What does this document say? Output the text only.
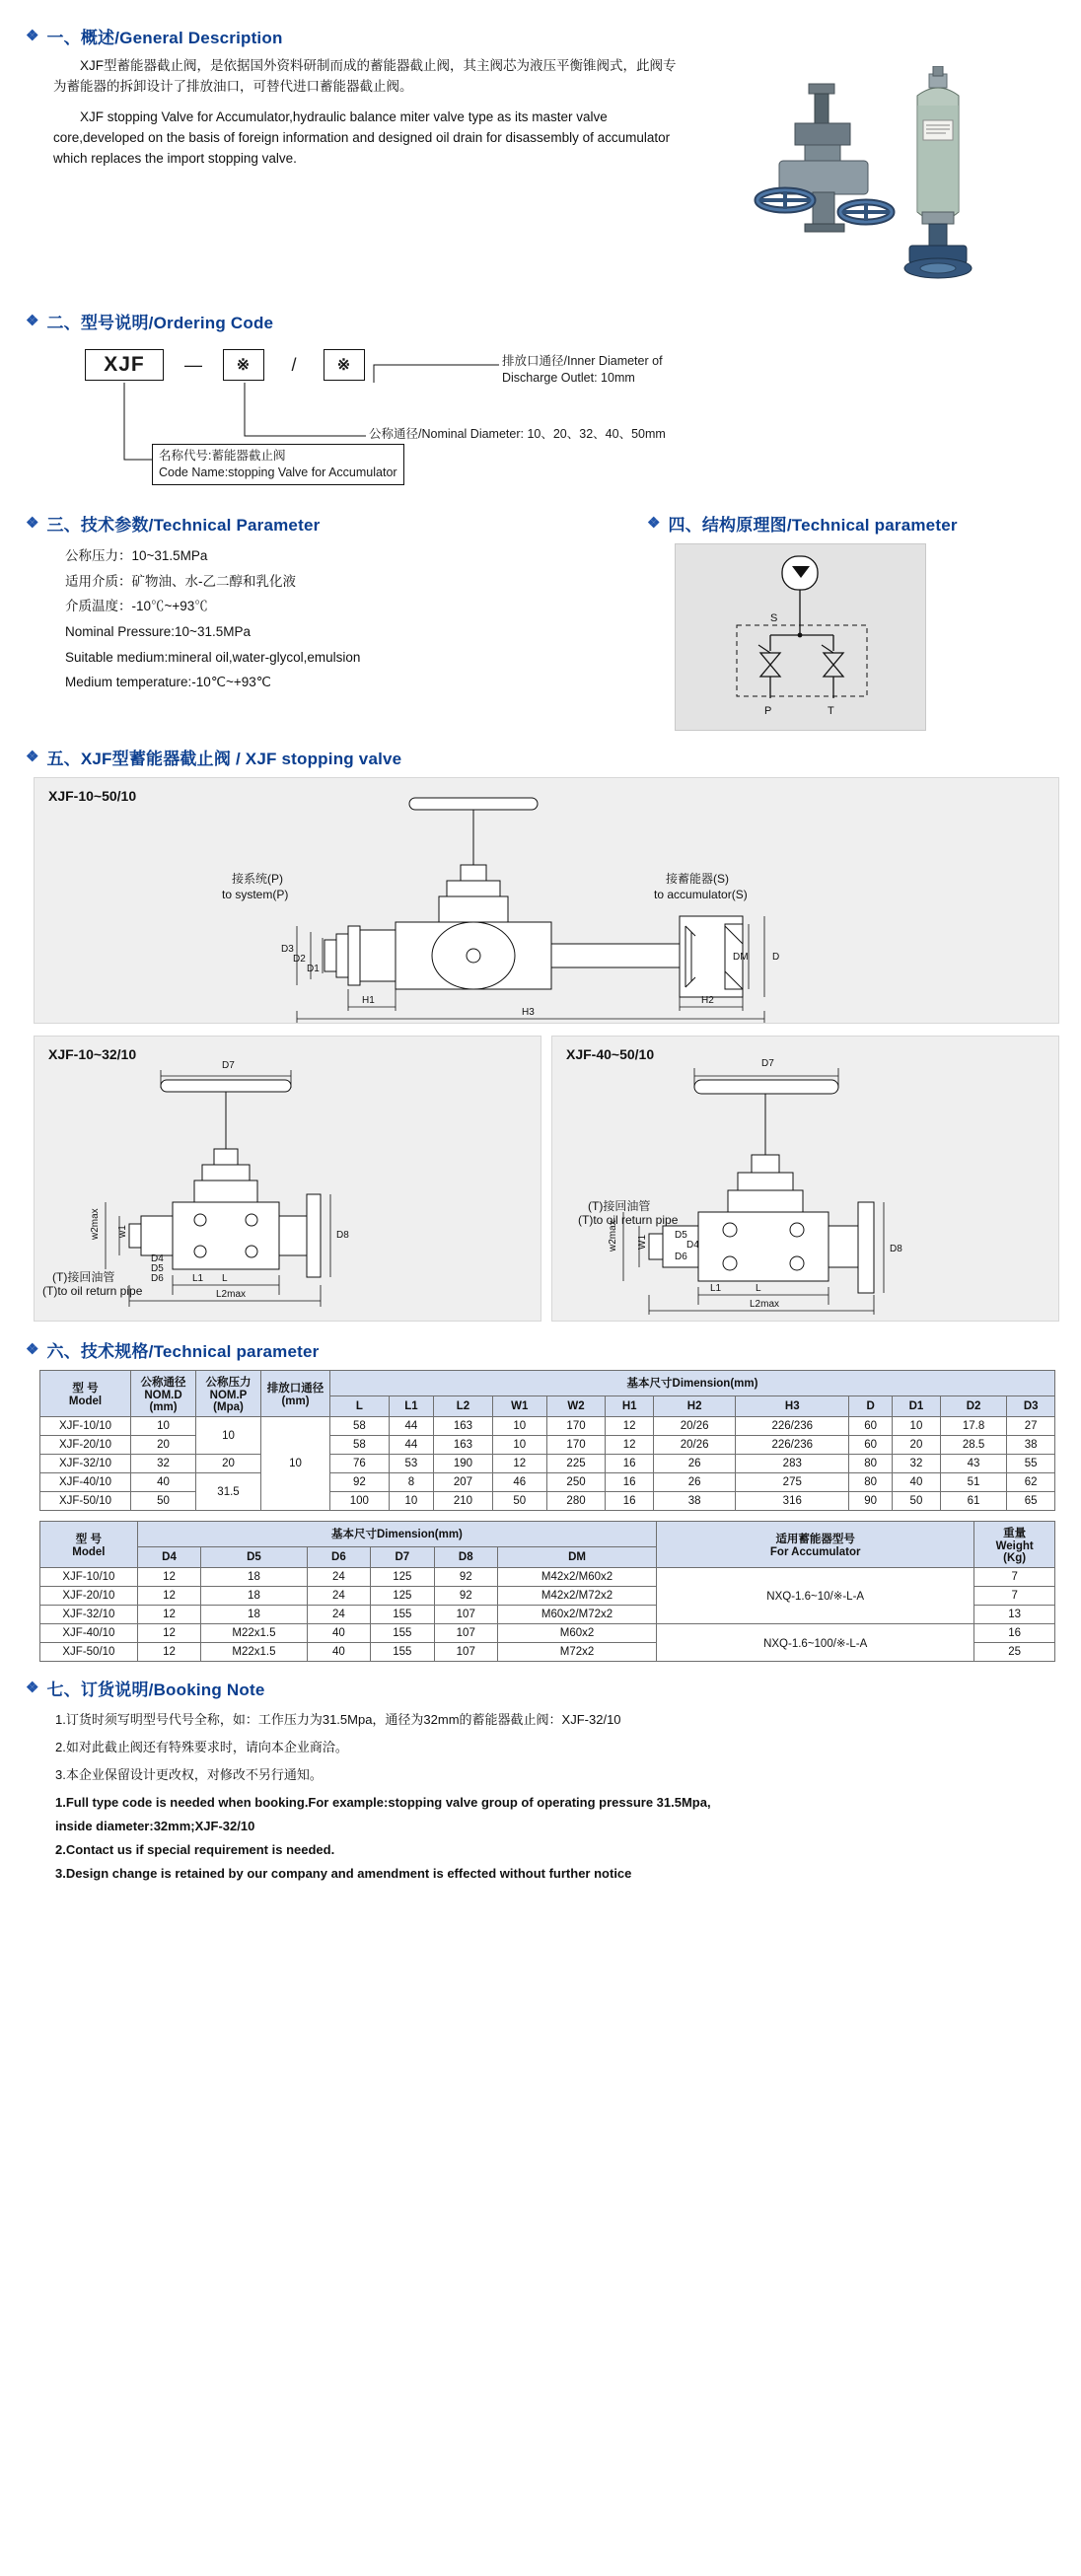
❖ 一、概述/General Description

XJF型蓄能器截止阀，是依据国外资料研制而成的蓄能器截止阀，其主阀芯为液压平衡锥阀式，此阀专为蓄能器的拆卸设计了排放油口，可替代进口蓄能器截止阀。

XJF stopping Valve for Accumulator,hydraulic balance miter valve type as its master valve core,developed on the basis of foreign information and designed oil drain for disassembly of accumulator which replaces the import stopping valve.

❖ 二、型号说明/Ordering Code
XJF	—	※	/	※	排放口通径/Inner Diameter of
Discharge Outlet: 10mm
公称通径/Nominal Diameter: 10、20、32、40、50mm
名称代号:蓄能器截止阀
Code Name:stopping Valve for Accumulator
❖ 三、技术参数/Technical Parameter
公称压力：10~31.5MPa
适用介质：矿物油、水-乙二醇和乳化液
介质温度：-10℃~+93℃
Nominal Pressure:10~31.5MPa
Suitable medium:mineral oil,water-glycol,emulsion
Medium temperature:-10℃~+93℃
❖ 四、结构原理图/Technical parameter
S
P	T
❖ 五、XJF型蓄能器截止阀 / XJF stopping valve
XJF-10~50/10
接系统(P)
to system(P)
接蓄能器(S)
to accumulator(S)
D3
D2
D1
D
DM
H1	H2
H3
XJF-10~32/10
D7
w2max w1
D4
D5
D6	L1 L
L2max
D8
(T)接回油管
(T)to oil return pipe
XJF-40~50/10
D7
w2max W1	D5
D4
D6
L1	L
L2max
D8
(T)接回油管
(T)to oil return pipe
❖ 六、技术规格/Technical parameter
型 号
Model

公称通径
NOM.D
(mm)

公称压力
NOM.P
(Mpa)

排放口通径
(mm)
	基本尺寸Dimension(mm)
				L	L1	L2	W1	W2	H1	H2	H3	D	D1	D2	D3
XJF-10/10	10	10	10	58	44	163	10	170	12	20/26	226/236	60	10	17.8	27
XJF-20/10	20			58	44	163	10	170	12	20/26	226/236	60	20	28.5	38
XJF-32/10	32	20		76	53	190	12	225	16	26	283	80	32	43	55
XJF-40/10	40	31.5		92	8	207	46	250	16	26	275	80	40	51	62
XJF-50/10	50			100	10	210	50	280	16	38	316	90	50	61	65
型 号
Model
	基本尺寸Dimension(mm)	适用蓄能器型号
For Accumulator

重量
Weight
(Kg)

	D4	D5	D6	D7	D8	DM		
XJF-10/10	12	18	24	125	92	M42x2/M60x2	NXQ-1.6~10/※-L-A	7
XJF-20/10	12	18	24	125	92	M42x2/M72x2		7
XJF-32/10	12	18	24	155	107	M60x2/M72x2		13
XJF-40/10	12	M22x1.5	40	155	107	M60x2	NXQ-1.6~100/※-L-A	16
XJF-50/10	12	M22x1.5	40	155	107	M72x2		25
❖ 七、订货说明/Booking Note
1.订货时须写明型号代号全称，如：工作压力为31.5Mpa，通径为32mm的蓄能器截止阀：XJF-32/10
2.如对此截止阀还有特殊要求时，请向本企业商洽。
3.本企业保留设计更改权，对修改不另行通知。
1.Full type code is needed when booking.For example:stopping valve group of operating pressure 31.5Mpa,
inside diameter:32mm;XJF-32/10
2.Contact us if special requirement is needed.
3.Design change is retained by our company and amendment is effected without further notice
